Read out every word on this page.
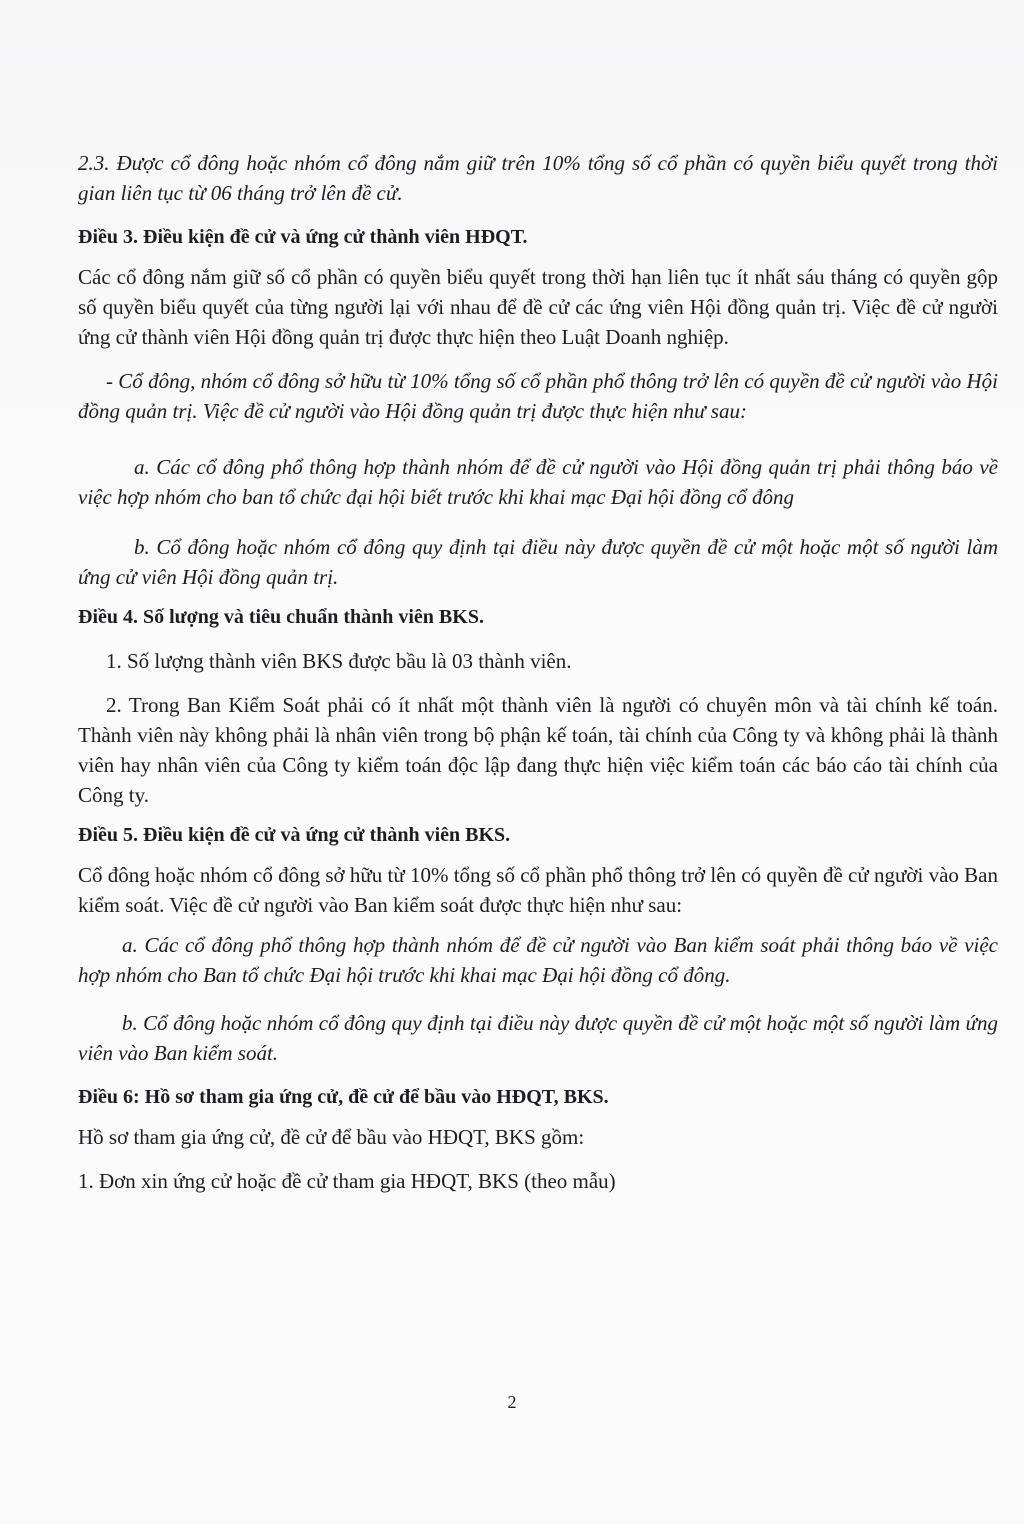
2.3. Được cổ đông hoặc nhóm cổ đông nắm giữ trên 10% tổng số cổ phần có quyền biểu quyết trong thời gian liên tục từ 06 tháng trở lên đề cử.

Điều 3. Điều kiện đề cử và ứng cử thành viên HĐQT.

Các cổ đông nắm giữ số cổ phần có quyền biểu quyết trong thời hạn liên tục ít nhất sáu tháng có quyền gộp số quyền biểu quyết của từng người lại với nhau để đề cử các ứng viên Hội đồng quản trị. Việc đề cử người ứng cử thành viên Hội đồng quản trị được thực hiện theo Luật Doanh nghiệp.

- Cổ đông, nhóm cổ đông sở hữu từ 10% tổng số cổ phần phổ thông trở lên có quyền đề cử người vào Hội đồng quản trị. Việc đề cử người vào Hội đồng quản trị được thực hiện như sau:

a. Các cổ đông phổ thông hợp thành nhóm để đề cử người vào Hội đồng quản trị phải thông báo về việc hợp nhóm cho ban tổ chức đại hội biết trước khi khai mạc Đại hội đồng cổ đông

b. Cổ đông hoặc nhóm cổ đông quy định tại điều này được quyền đề cử một hoặc một số người làm ứng cử viên Hội đồng quản trị.

Điều 4. Số lượng và tiêu chuẩn thành viên BKS.

1. Số lượng thành viên BKS được bầu là 03 thành viên.

2. Trong Ban Kiểm Soát phải có ít nhất một thành viên là người có chuyên môn và tài chính kế toán. Thành viên này không phải là nhân viên trong bộ phận kế toán, tài chính của Công ty và không phải là thành viên hay nhân viên của Công ty kiểm toán độc lập đang thực hiện việc kiểm toán các báo cáo tài chính của Công ty.

Điều 5. Điều kiện đề cử và ứng cử thành viên BKS.

Cổ đông hoặc nhóm cổ đông sở hữu từ 10% tổng số cổ phần phổ thông trở lên có quyền đề cử người vào Ban kiểm soát. Việc đề cử người vào Ban kiểm soát được thực hiện như sau:

a. Các cổ đông phổ thông hợp thành nhóm để đề cử người vào Ban kiểm soát phải thông báo về việc hợp nhóm cho Ban tổ chức Đại hội trước khi khai mạc Đại hội đồng cổ đông.

b. Cổ đông hoặc nhóm cổ đông quy định tại điều này được quyền đề cử một hoặc một số người làm ứng viên vào Ban kiểm soát.

Điều 6: Hồ sơ tham gia ứng cử, đề cử để bầu vào HĐQT, BKS.

Hồ sơ tham gia ứng cử, đề cử để bầu vào HĐQT, BKS gồm:

1. Đơn xin ứng cử hoặc đề cử tham gia HĐQT, BKS (theo mẫu)

2
